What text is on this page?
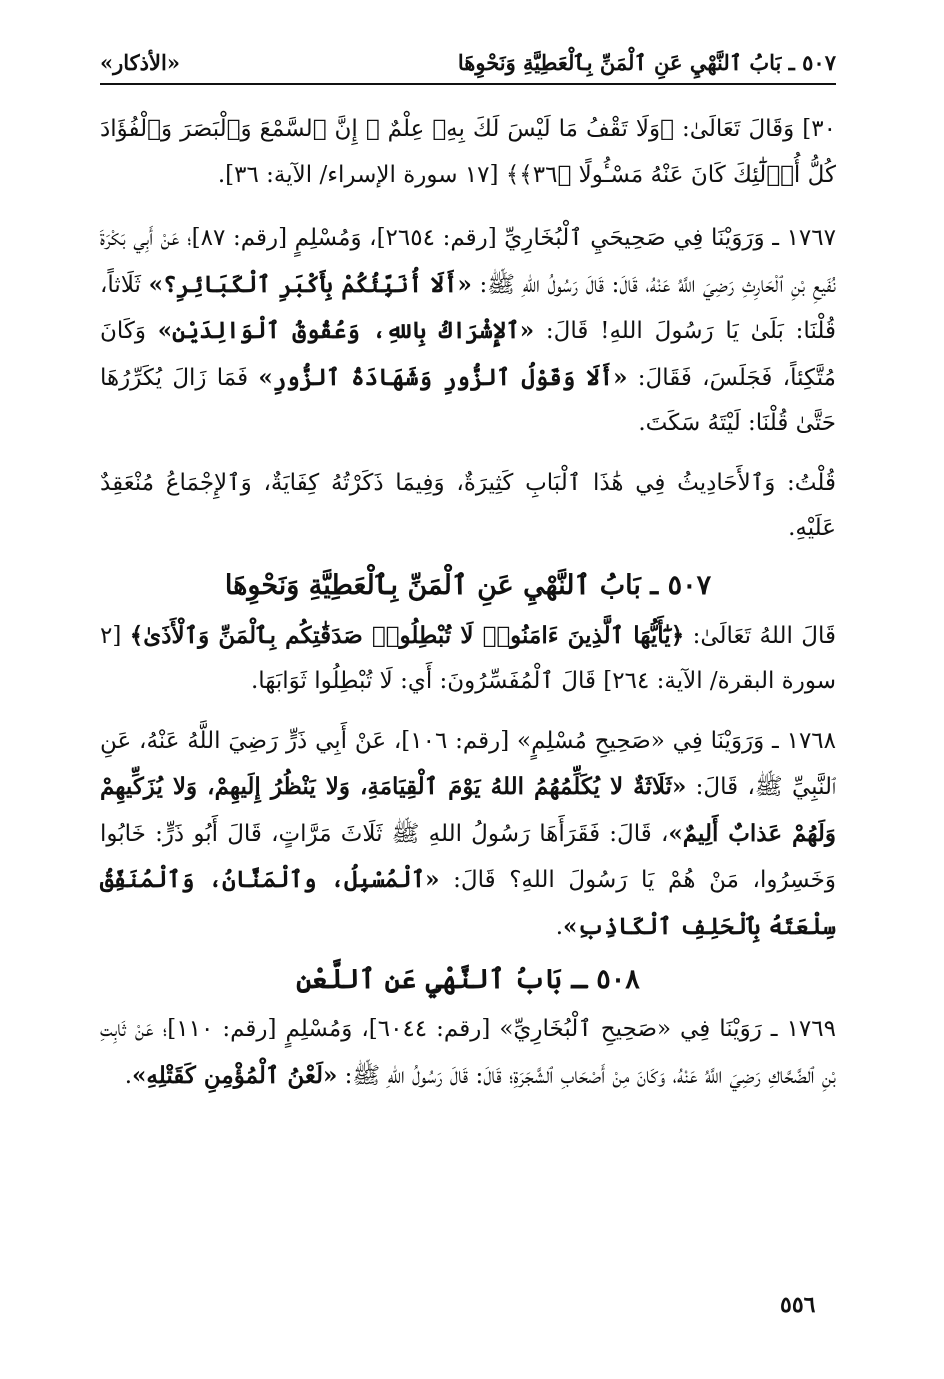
٥٠٧ ـ بَابُ ٱلنَّهْيِ عَنِ ٱلْمَنِّ بِٱلْعَطِيَّةِ وَنَحْوِهَا
«الأذكار»

٣٠] وَقَالَ تَعَالَىٰ: ﴿وَلَا تَقْفُ مَا لَيْسَ لَكَ بِهِۦ عِلْمٌ ۚ إِنَّ ٱلسَّمْعَ وَٱلْبَصَرَ وَٱلْفُؤَادَ كُلُّ أُو۟لَٰٓئِكَ كَانَ عَنْهُ مَسْـُٔولًا ﴿٣٦﴾﴾ [١٧ سورة الإسراء/ الآية: ٣٦].

١٧٦٧ ـ وَرَوَيْنَا فِي صَحِيحَيِ ٱلْبُخَارِيِّ [رقم: ٢٦٥٤]، وَمُسْلِمٍ [رقم: ٨٧]؛ عَنْ أَبِي بَكْرَةَ نُفَيعِ بْنِ ٱلْحَارِثِ رَضِيَ اللَّهُ عَنْهُ، قَالَ: قَالَ رَسُولُ اللهِ ﷺ: «أَلَا أُنَبِّئُكُمْ بِأَكْبَرِ ٱلْكَبَائِرِ؟» ثَلَاثاً، قُلْنَا: بَلَىٰ يَا رَسُولَ اللهِ! قَالَ: «ٱلإِشْرَاكُ بِاللهِ، وَعُقُوقُ ٱلْوَالِدَيْنِ» وَكَانَ مُتَّكِئاً، فَجَلَسَ، فَقَالَ: «أَلَا وَقَوْلُ ٱلزُّورِ وَشَهَادَةُ ٱلزُّورِ» فَمَا زَالَ يُكَرِّرُهَا حَتَّىٰ قُلْنَا: لَيْتَهُ سَكَتَ.

قُلْتُ: وَٱلأَحَادِيثُ فِي هَٰذَا ٱلْبَابِ كَثِيرَةٌ، وَفِيمَا ذَكَرْتُهُ كِفَايَةٌ، وَٱلإِجْمَاعُ مُنْعَقِدٌ عَلَيْهِ.

٥٠٧ ـ بَابُ ٱلنَّهْيِ عَنِ ٱلْمَنِّ بِٱلْعَطِيَّةِ وَنَحْوِهَا

قَالَ اللهُ تَعَالَىٰ: ﴿يَٰٓأَيُّهَا ٱلَّذِينَ ءَامَنُوا۟ لَا تُبْطِلُوا۟ صَدَقَٰتِكُم بِٱلْمَنِّ وَٱلْأَذَىٰ﴾ [٢ سورة البقرة/ الآية: ٢٦٤] قَالَ ٱلْمُفَسِّرُونَ: أَي: لَا تُبْطِلُوا ثَوَابَهَا.

١٧٦٨ ـ وَرَوَيْنَا فِي «صَحِيحِ مُسْلِمٍ» [رقم: ١٠٦]، عَنْ أَبِي ذَرٍّ رَضِيَ اللَّهُ عَنْهُ، عَنِ ٱلنَّبِيِّ ﷺ، قَالَ: «ثَلَاثَةٌ لا يُكَلِّمُهُمُ اللهُ يَوْمَ ٱلْقِيَامَةِ، وَلا يَنْظُرُ إِلَيهِمْ، وَلا يُزَكِّيهِمْ وَلَهُمْ عَذابٌ أَلِيمٌ»، قَالَ: فَقَرَأَهَا رَسُولُ اللهِ ﷺ ثَلَاثَ مَرَّاتٍ، قَالَ أَبُو ذَرٍّ: خَابُوا وَخَسِرُوا، مَنْ هُمْ يَا رَسُولَ اللهِ؟ قَالَ: «ٱلْمُسْبِلُ، وٱلْمَنَّانُ، وَٱلْمُنَفِّقُ سِلْعَتَهُ بِٱلْحَلِفِ ٱلْكَاذِبِ».

٥٠٨ ـ بَابُ ٱلنَّهْيِ عَنِ ٱللَّعْنِ

١٧٦٩ ـ رَوَيْنَا فِي «صَحِيحِ ٱلْبُخَارِيِّ» [رقم: ٦٠٤٤]، وَمُسْلِمٍ [رقم: ١١٠]؛ عَنْ ثَابِتِ بْنِ ٱلضَّحَّاكِ رَضِيَ اللَّهُ عَنْهُ، وَكَانَ مِنْ أَصْحَابِ ٱلشَّجَرَةِ؛ قَالَ: قَالَ رَسُولُ اللهِ ﷺ: «لَعْنُ ٱلْمُؤْمِنِ كَقَتْلِهِ».

٥٥٦
